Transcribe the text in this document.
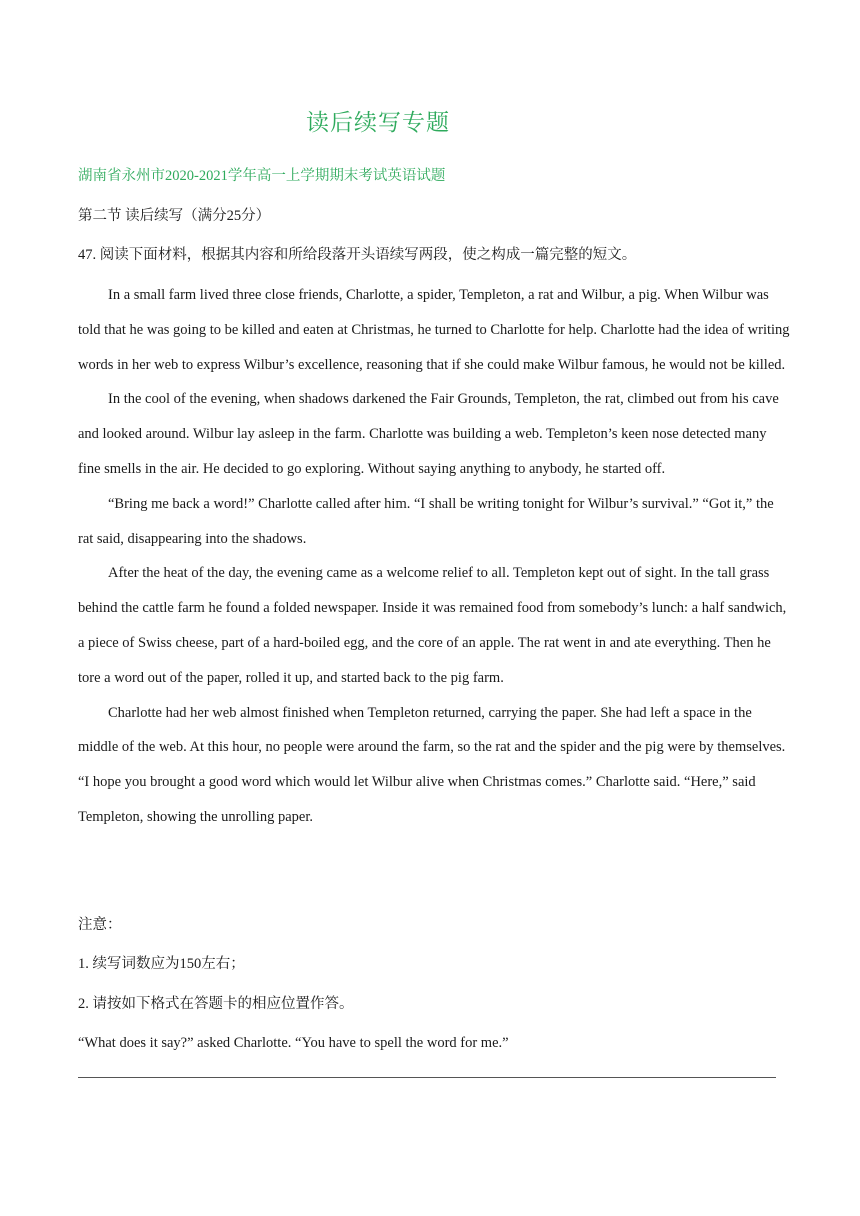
读后续写专题
湖南省永州市2020-2021学年高一上学期期末考试英语试题
第二节 读后续写（满分25分）
47. 阅读下面材料，根据其内容和所给段落开头语续写两段，使之构成一篇完整的短文。

In a small farm lived three close friends, Charlotte, a spider, Templeton, a rat and Wilbur, a pig. When Wilbur was told that he was going to be killed and eaten at Christmas, he turned to Charlotte for help. Charlotte had the idea of writing words in her web to express Wilbur’s excellence, reasoning that if she could make Wilbur famous, he would not be killed.

In the cool of the evening, when shadows darkened the Fair Grounds, Templeton, the rat, climbed out from his cave and looked around. Wilbur lay asleep in the farm. Charlotte was building a web. Templeton’s keen nose detected many fine smells in the air. He decided to go exploring. Without saying anything to anybody, he started off.

“Bring me back a word!” Charlotte called after him. “I shall be writing tonight for Wilbur’s survival.” “Got it,” the rat said, disappearing into the shadows.

After the heat of the day, the evening came as a welcome relief to all. Templeton kept out of sight. In the tall grass behind the cattle farm he found a folded newspaper. Inside it was remained food from somebody’s lunch: a half sandwich, a piece of Swiss cheese, part of a hard-boiled egg, and the core of an apple. The rat went in and ate everything. Then he tore a word out of the paper, rolled it up, and started back to the pig farm.

Charlotte had her web almost finished when Templeton returned, carrying the paper. She had left a space in the middle of the web. At this hour, no people were around the farm, so the rat and the spider and the pig were by themselves. “I hope you brought a good word which would let Wilbur alive when Christmas comes.” Charlotte said. “Here,” said Templeton, showing the unrolling paper.

注意：
1. 续写词数应为150左右；
2. 请按如下格式在答题卡的相应位置作答。
“What does it say?” asked Charlotte. “You have to spell the word for me.”
